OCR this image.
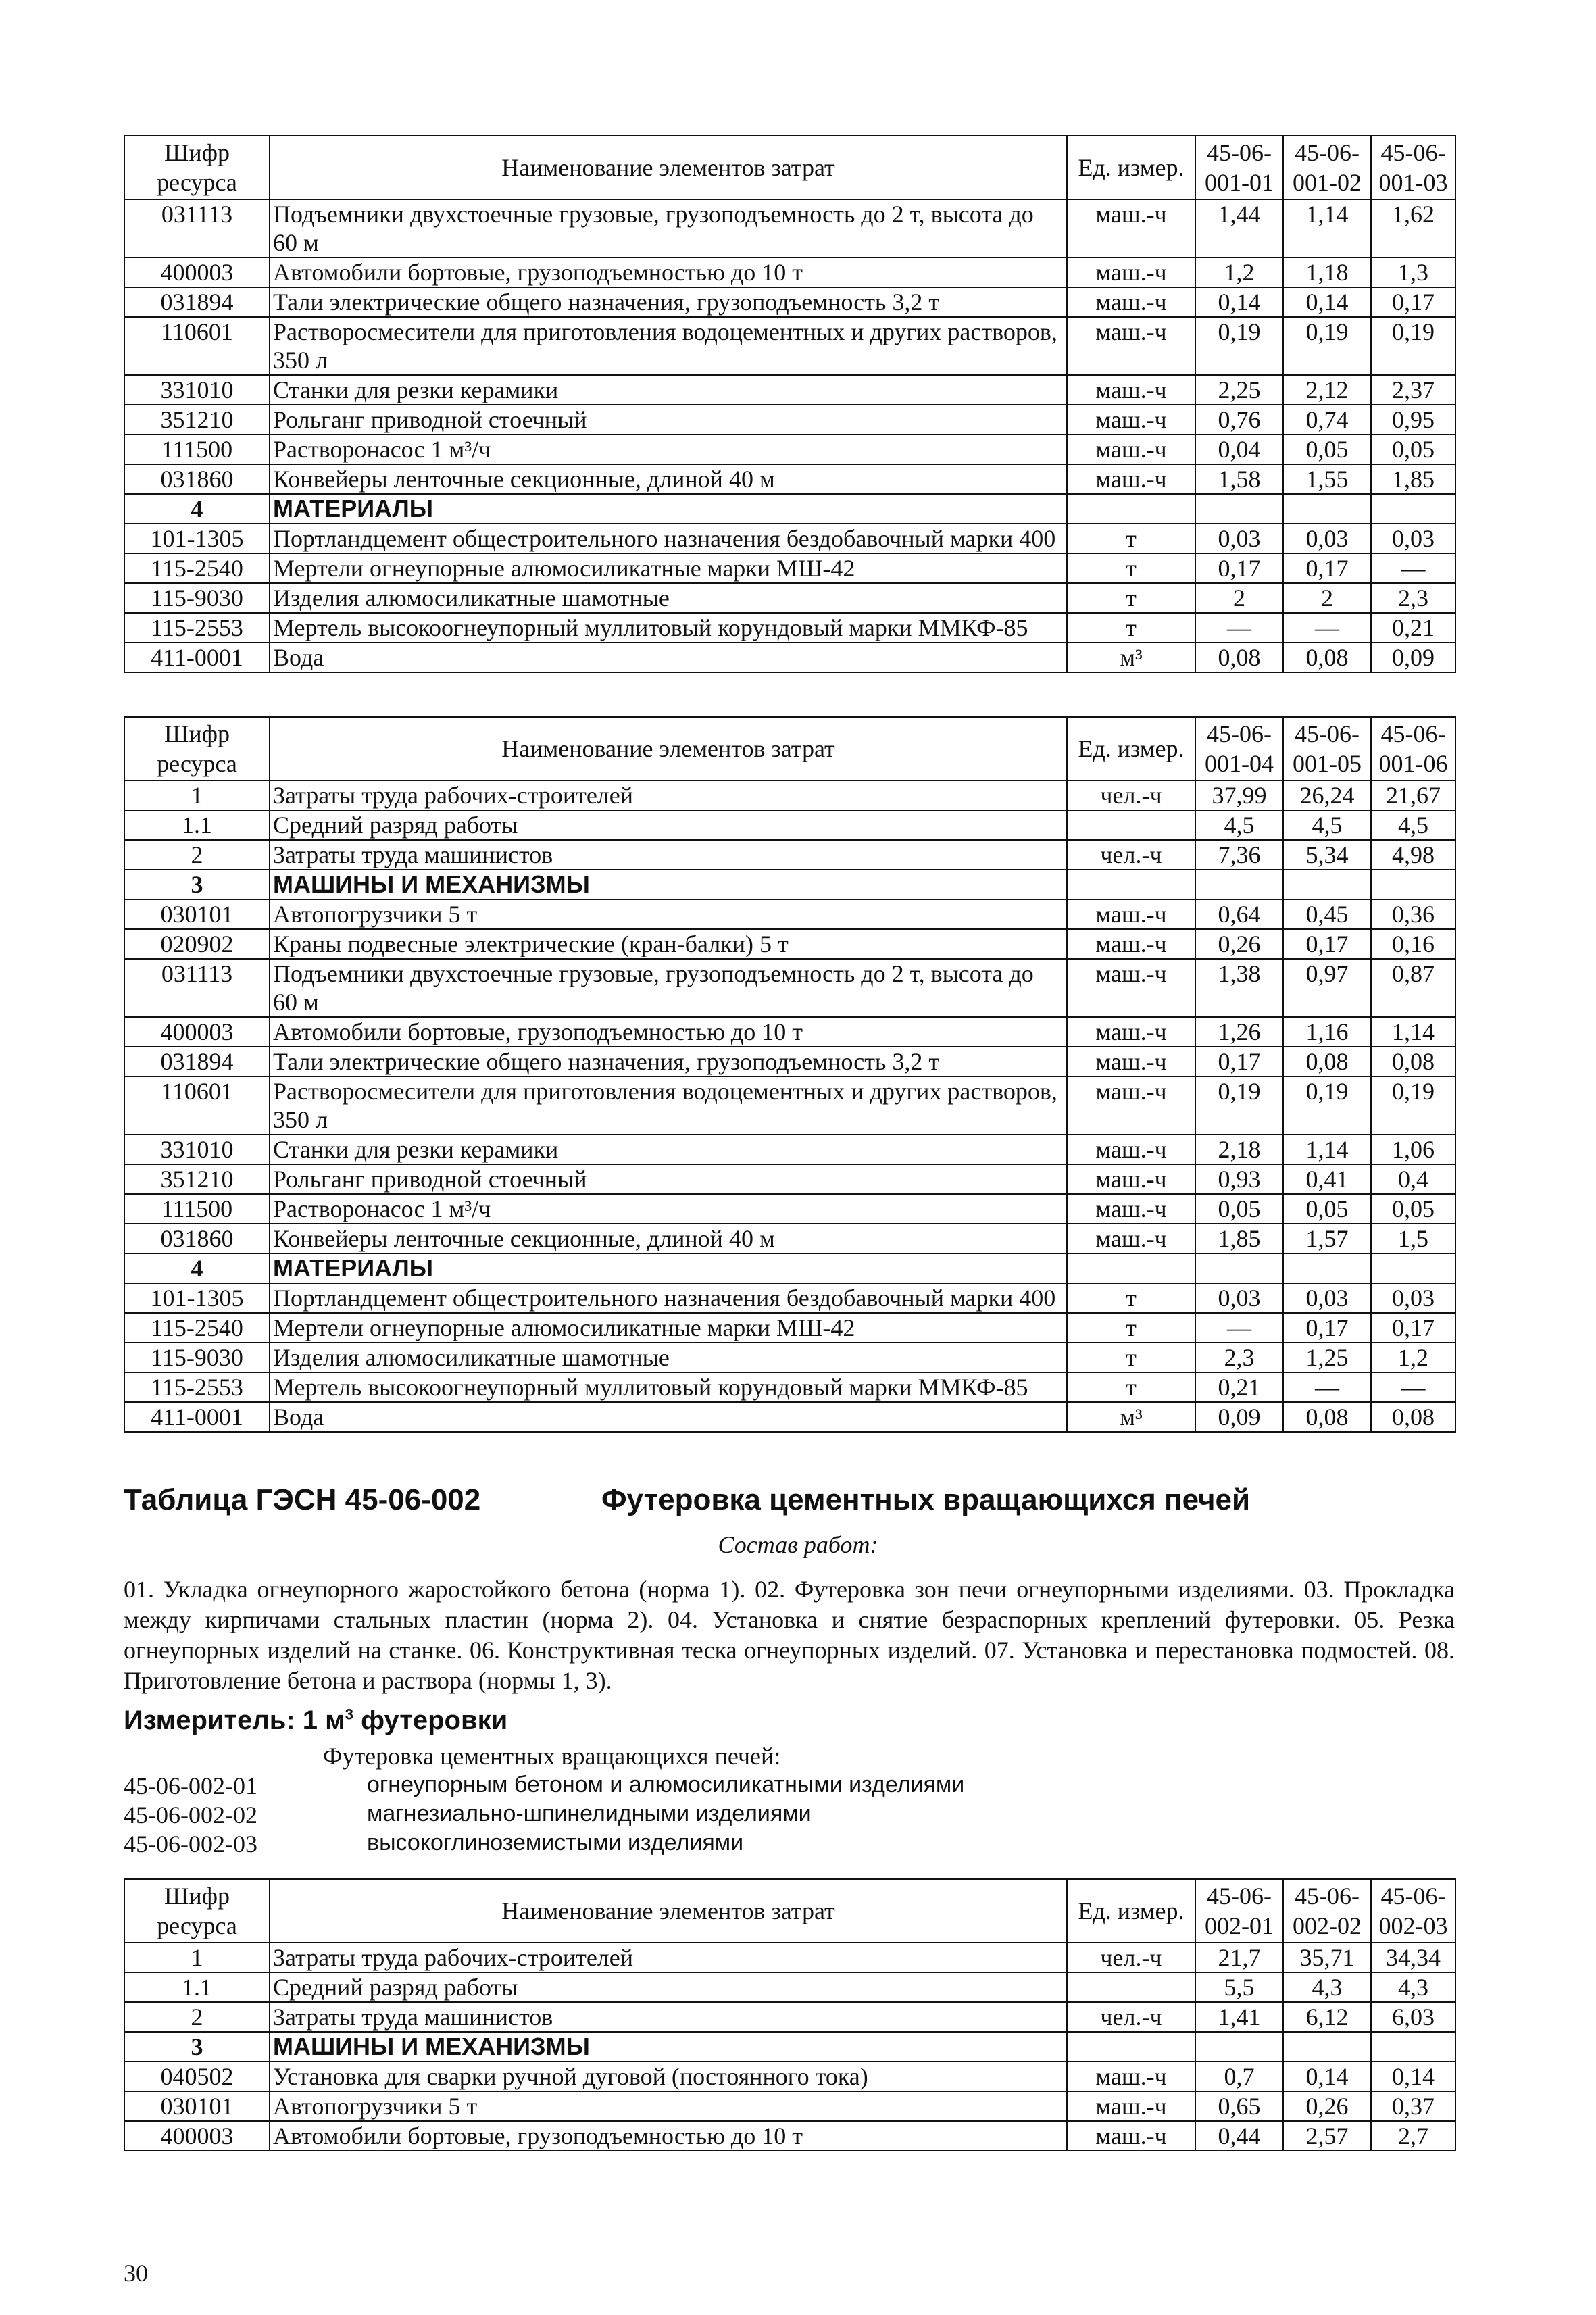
Шифр ресурса	Наименование элементов затрат	Ед. измер.	45-06-001-01	45-06-001-02	45-06-001-03
031113	Подъемники двухстоечные грузовые, грузоподъемность до 2 т, высота до 60 м	маш.-ч	1,44	1,14	1,62
400003	Автомобили бортовые, грузоподъемностью до 10 т	маш.-ч	1,2	1,18	1,3
031894	Тали электрические общего назначения, грузоподъемность 3,2 т	маш.-ч	0,14	0,14	0,17
110601	Растворосмесители для приготовления водоцементных и других растворов, 350 л	маш.-ч	0,19	0,19	0,19
331010	Станки для резки керамики	маш.-ч	2,25	2,12	2,37
351210	Рольганг приводной стоечный	маш.-ч	0,76	0,74	0,95
111500	Растворонасос 1 м³/ч	маш.-ч	0,04	0,05	0,05
031860	Конвейеры ленточные секционные, длиной 40 м	маш.-ч	1,58	1,55	1,85
4	МАТЕРИАЛЫ				
101-1305	Портландцемент общестроительного назначения бездобавочный марки 400	т	0,03	0,03	0,03
115-2540	Мертели огнеупорные алюмосиликатные марки МШ-42	т	0,17	0,17	—
115-9030	Изделия алюмосиликатные шамотные	т	2	2	2,3
115-2553	Мертель высокоогнеупорный муллитовый корундовый марки ММКФ-85	т	—	—	0,21
411-0001	Вода	м³	0,08	0,08	0,09
Шифр ресурса	Наименование элементов затрат	Ед. измер.	45-06-001-04	45-06-001-05	45-06-001-06
1	Затраты труда рабочих-строителей	чел.-ч	37,99	26,24	21,67
1.1	Средний разряд работы		4,5	4,5	4,5
2	Затраты труда машинистов	чел.-ч	7,36	5,34	4,98
3	МАШИНЫ И МЕХАНИЗМЫ				
030101	Автопогрузчики 5 т	маш.-ч	0,64	0,45	0,36
020902	Краны подвесные электрические (кран-балки) 5 т	маш.-ч	0,26	0,17	0,16
031113	Подъемники двухстоечные грузовые, грузоподъемность до 2 т, высота до 60 м	маш.-ч	1,38	0,97	0,87
400003	Автомобили бортовые, грузоподъемностью до 10 т	маш.-ч	1,26	1,16	1,14
031894	Тали электрические общего назначения, грузоподъемность 3,2 т	маш.-ч	0,17	0,08	0,08
110601	Растворосмесители для приготовления водоцементных и других растворов, 350 л	маш.-ч	0,19	0,19	0,19
331010	Станки для резки керамики	маш.-ч	2,18	1,14	1,06
351210	Рольганг приводной стоечный	маш.-ч	0,93	0,41	0,4
111500	Растворонасос 1 м³/ч	маш.-ч	0,05	0,05	0,05
031860	Конвейеры ленточные секционные, длиной 40 м	маш.-ч	1,85	1,57	1,5
4	МАТЕРИАЛЫ				
101-1305	Портландцемент общестроительного назначения бездобавочный марки 400	т	0,03	0,03	0,03
115-2540	Мертели огнеупорные алюмосиликатные марки МШ-42	т	—	0,17	0,17
115-9030	Изделия алюмосиликатные шамотные	т	2,3	1,25	1,2
115-2553	Мертель высокоогнеупорный муллитовый корундовый марки ММКФ-85	т	0,21	—	—
411-0001	Вода	м³	0,09	0,08	0,08
Таблица ГЭСН 45-06-002	Футеровка цементных вращающихся печей
Состав работ:
01. Укладка огнеупорного жаростойкого бетона (норма 1). 02. Футеровка зон печи огнеупорными изделиями. 03. Прокладка между кирпичами стальных пластин (норма 2). 04. Установка и снятие безраспорных креплений футеровки. 05. Резка огнеупорных изделий на станке. 06. Конструктивная теска огнеупорных изделий. 07. Установка и перестановка подмостей. 08. Приготовление бетона и раствора (нормы 1, 3).
Измеритель: 1 $м^3$ футеровки
Футеровка цементных вращающихся печей:
45-06-002-01	огнеупорным бетоном и алюмосиликатными изделиями
45-06-002-02	магнезиально-шпинелидными изделиями
45-06-002-03	высокоглиноземистыми изделиями
Шифр ресурса	Наименование элементов затрат	Ед. измер.	45-06-002-01	45-06-002-02	45-06-002-03
1	Затраты труда рабочих-строителей	чел.-ч	21,7	35,71	34,34
1.1	Средний разряд работы		5,5	4,3	4,3
2	Затраты труда машинистов	чел.-ч	1,41	6,12	6,03
3	МАШИНЫ И МЕХАНИЗМЫ				
040502	Установка для сварки ручной дуговой (постоянного тока)	маш.-ч	0,7	0,14	0,14
030101	Автопогрузчики 5 т	маш.-ч	0,65	0,26	0,37
400003	Автомобили бортовые, грузоподъемностью до 10 т	маш.-ч	0,44	2,57	2,7
30
